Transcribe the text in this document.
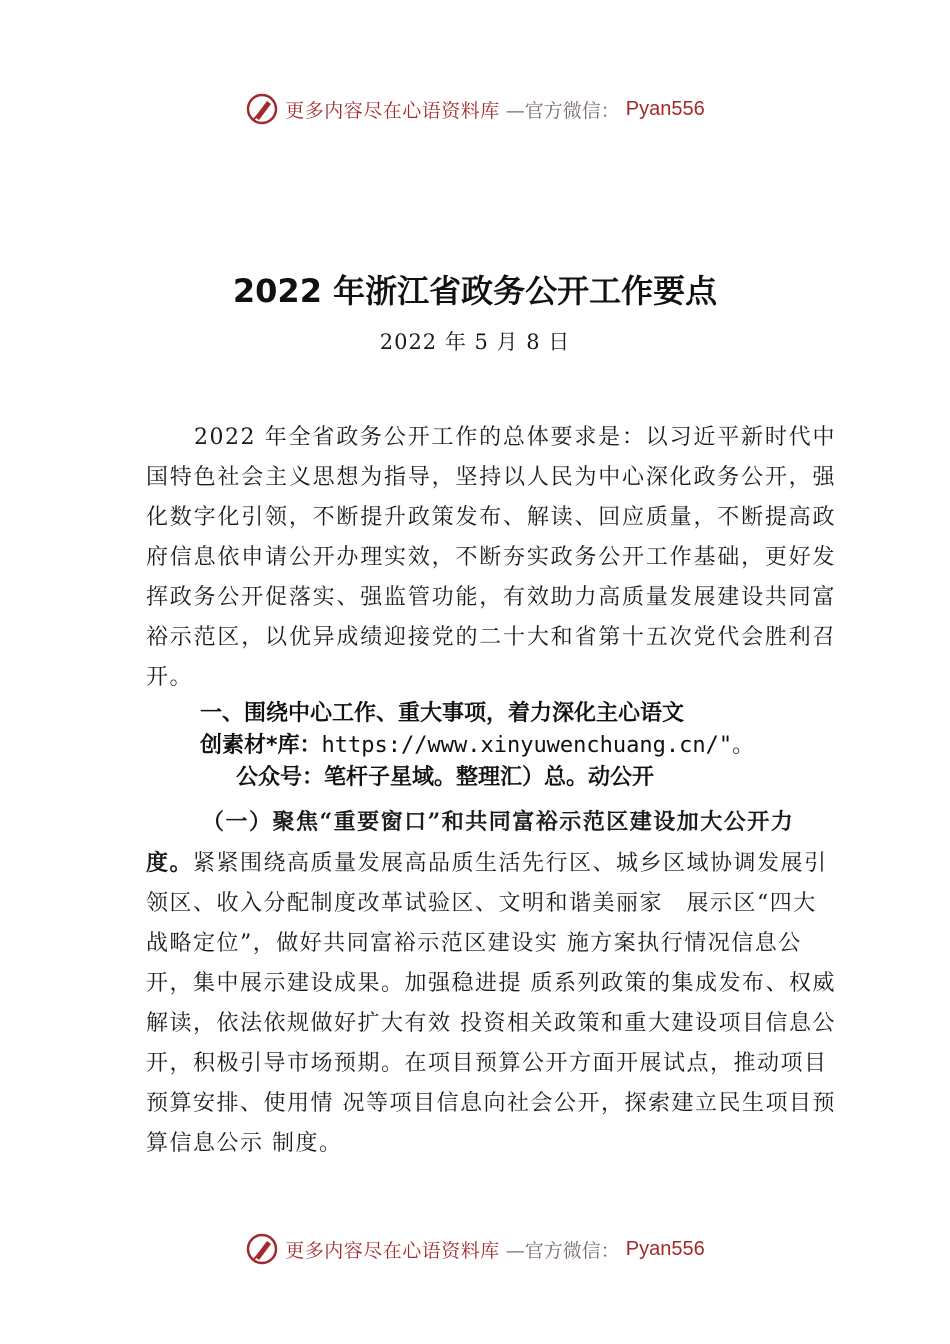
更多内容尽在心语资料库 —官方微信： Pyan556
2022 年浙江省政务公开工作要点
2022 年 5 月 8 日

2022 年全省政务公开工作的总体要求是：以习近平新时代中国特色社会主义思想为指导，坚持以人民为中心深化政务公开，强化数字化引领，不断提升政策发布、解读、回应质量，不断提高政府信息依申请公开办理实效，不断夯实政务公开工作基础，更好发挥政务公开促落实、强监管功能，有效助力高质量发展建设共同富裕示范区，以优异成绩迎接党的二十大和省第十五次党代会胜利召开。

一、围绕中心工作、重大事项，着力深化主心语文
创素材*库：https://www.xinyuwenchuang.cn/"。
公众号：笔杆子星域。整理汇）总。动公开

（一）聚焦“重要窗口”和共同富裕示范区建设加大公开力度。紧紧围绕高质量发展高品质生活先行区、城乡区域协调发展引领区、收入分配制度改革试验区、文明和谐美丽家 展示区“四大战略定位”，做好共同富裕示范区建设实 施方案执行情况信息公开，集中展示建设成果。加强稳进提 质系列政策的集成发布、权威解读，依法依规做好扩大有效 投资相关政策和重大建设项目信息公开，积极引导市场预期。在项目预算公开方面开展试点，推动项目预算安排、使用情 况等项目信息向社会公开，探索建立民生项目预算信息公示 制度。

更多内容尽在心语资料库 —官方微信： Pyan556
